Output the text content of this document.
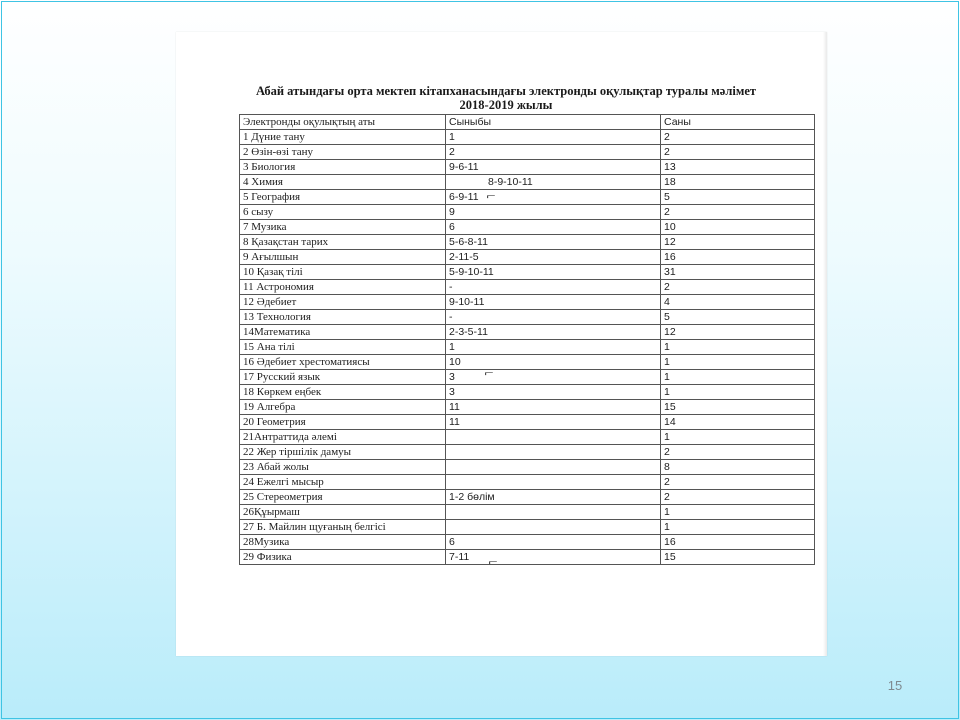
Абай атындағы орта мектеп кітапханасындағы электронды оқулықтар туралы мәлімет
2018-2019 жылы
Электронды оқулықтың аты	Сыныбы	Саны
1 Дүние тану	1	2
2 Өзін-өзі тану	2	2
3 Биология	9-6-11	13
4 Химия	8-9-10-11	18
5 География	6-9-11	5
6 сызу	9	2
7 Музика	6	10
8 Қазақстан тарих	5-6-8-11	12
9 Ағылшын	2-11-5	16
10 Қазақ тілі	5-9-10-11	31
11 Астрономия	-	2
12 Әдебиет	9-10-11	4
13 Технология	-	5
14Математика	2-3-5-11	12
15 Ана тілі	1	1
16 Әдебиет хрестоматиясы	10	1
17 Русский язык	3	1
18 Көркем еңбек	3	1
19 Алгебра	11	15
20 Геометрия	11	14
21Антраттида әлемі		1
22 Жер тіршілік дамуы		2
23 Абай жолы		8
24 Ежелгі мысыр		2
25 Стереометрия	1-2 бөлім	2
26Құырмаш		1
27 Б. Майлин щуғаның белгісі		1
28Музика	6	16
29 Физика	7-11	15
⌐
⌐
⌐
15
